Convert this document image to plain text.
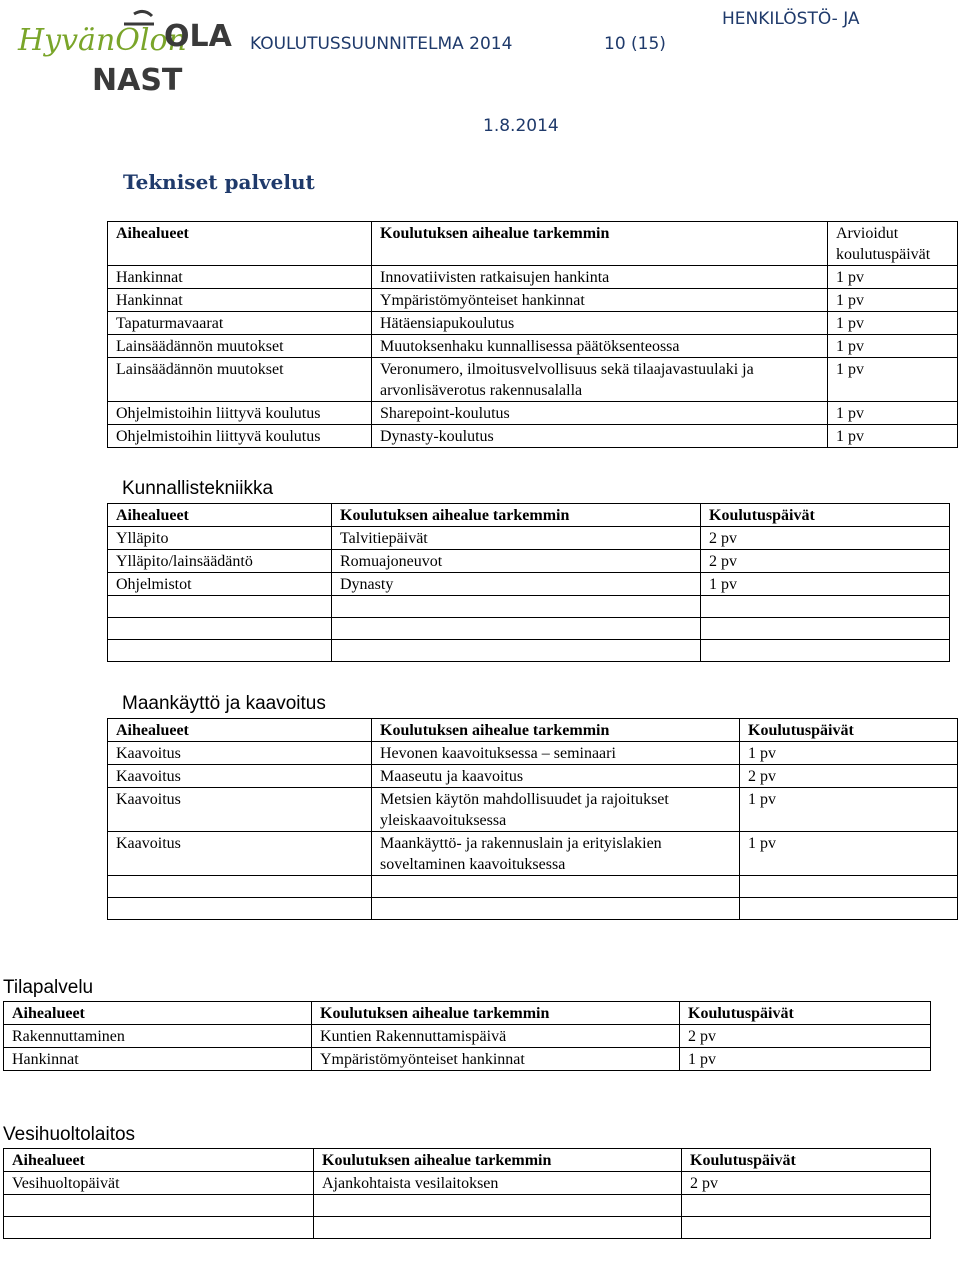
HyvänOlon
OLA
NAST
KOULUTUSSUUNNITELMA 2014	10 (15)
HENKILÖSTÖ- JA
1.8.2014
Tekniset palvelut
Aihealueet	Koulutuksen aihealue tarkemmin	Arvioidut koulutuspäivät
Hankinnat	Innovatiivisten ratkaisujen hankinta	1 pv
Hankinnat	Ympäristömyönteiset hankinnat	1 pv
Tapaturmavaarat	Hätäensiapukoulutus	1 pv
Lainsäädännön muutokset	Muutoksenhaku kunnallisessa päätöksenteossa	1 pv
Lainsäädännön muutokset	Veronumero, ilmoitusvelvollisuus sekä tilaajavastuulaki ja arvonlisäverotus rakennusalalla	1 pv
Ohjelmistoihin liittyvä koulutus	Sharepoint-koulutus	1 pv
Ohjelmistoihin liittyvä koulutus	Dynasty-koulutus	1 pv
Kunnallistekniikka
Aihealueet	Koulutuksen aihealue tarkemmin	Koulutuspäivät
Ylläpito	Talvitiepäivät	2 pv
Ylläpito/lainsäädäntö	Romuajoneuvot	2 pv
Ohjelmistot	Dynasty	1 pv

Maankäyttö ja kaavoitus
Aihealueet	Koulutuksen aihealue tarkemmin	Koulutuspäivät
Kaavoitus	Hevonen kaavoituksessa – seminaari	1 pv
Kaavoitus	Maaseutu ja kaavoitus	2 pv
Kaavoitus	Metsien käytön mahdollisuudet ja rajoitukset yleiskaavoituksessa	1 pv
Kaavoitus	Maankäyttö- ja rakennuslain ja erityislakien soveltaminen kaavoituksessa	1 pv

Tilapalvelu
Aihealueet	Koulutuksen aihealue tarkemmin	Koulutuspäivät
Rakennuttaminen	Kuntien Rakennuttamispäivä	2 pv
Hankinnat	Ympäristömyönteiset hankinnat	1 pv
Vesihuoltolaitos
Aihealueet	Koulutuksen aihealue tarkemmin	Koulutuspäivät
Vesihuoltopäivät	Ajankohtaista vesilaitoksen	2 pv
